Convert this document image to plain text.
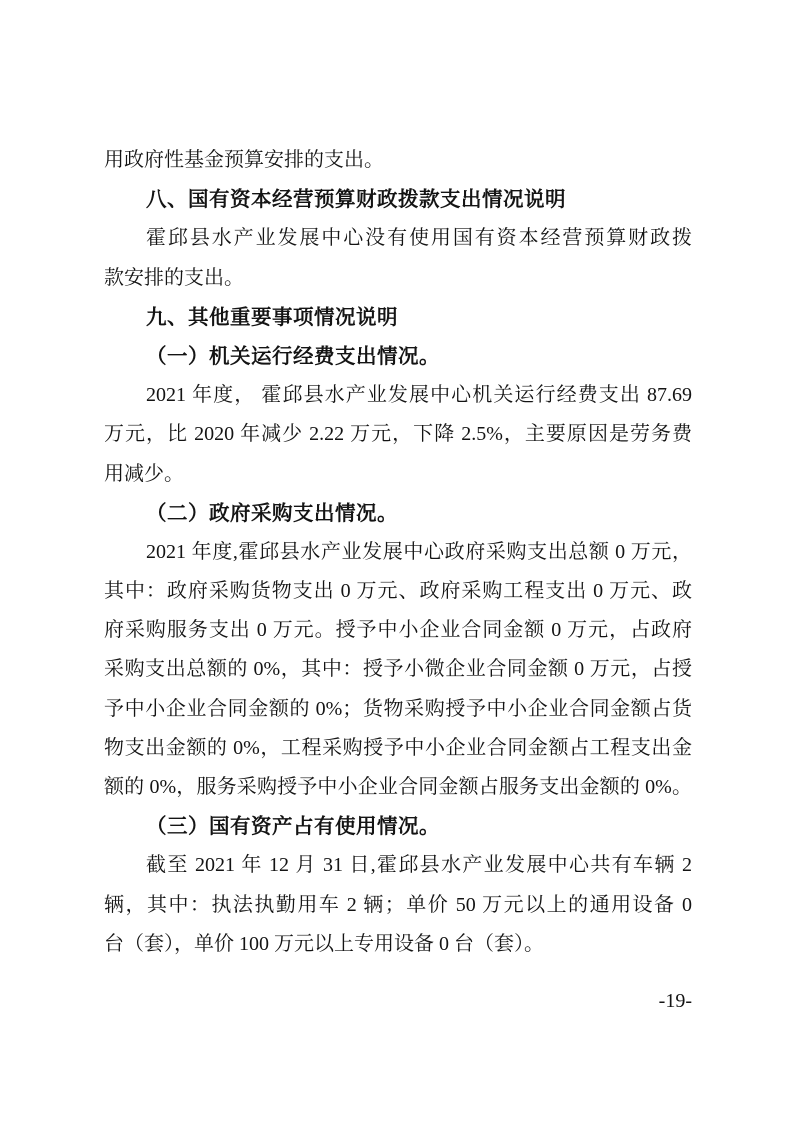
用政府性基金预算安排的支出。
八、国有资本经营预算财政拨款支出情况说明
霍邱县水产业发展中心没有使用国有资本经营预算财政拨
款安排的支出。
九、其他重要事项情况说明
（一）机关运行经费支出情况。
2021 年度， 霍邱县水产业发展中心机关运行经费支出 87.69
万元，比 2020 年减少 2.22 万元，下降 2.5%，主要原因是劳务费
用减少。
（二）政府采购支出情况。
2021 年度,霍邱县水产业发展中心政府采购支出总额 0 万元，
其中：政府采购货物支出 0 万元、政府采购工程支出 0 万元、政
府采购服务支出 0 万元。授予中小企业合同金额 0 万元，占政府
采购支出总额的 0%，其中：授予小微企业合同金额 0 万元，占授
予中小企业合同金额的 0%；货物采购授予中小企业合同金额占货
物支出金额的 0%，工程采购授予中小企业合同金额占工程支出金
额的 0%，服务采购授予中小企业合同金额占服务支出金额的 0%。
（三）国有资产占有使用情况。
截至 2021 年 12 月 31 日,霍邱县水产业发展中心共有车辆 2
辆，其中：执法执勤用车 2 辆；单价 50 万元以上的通用设备 0
台（套），单价 100 万元以上专用设备 0 台（套）。
-19-
